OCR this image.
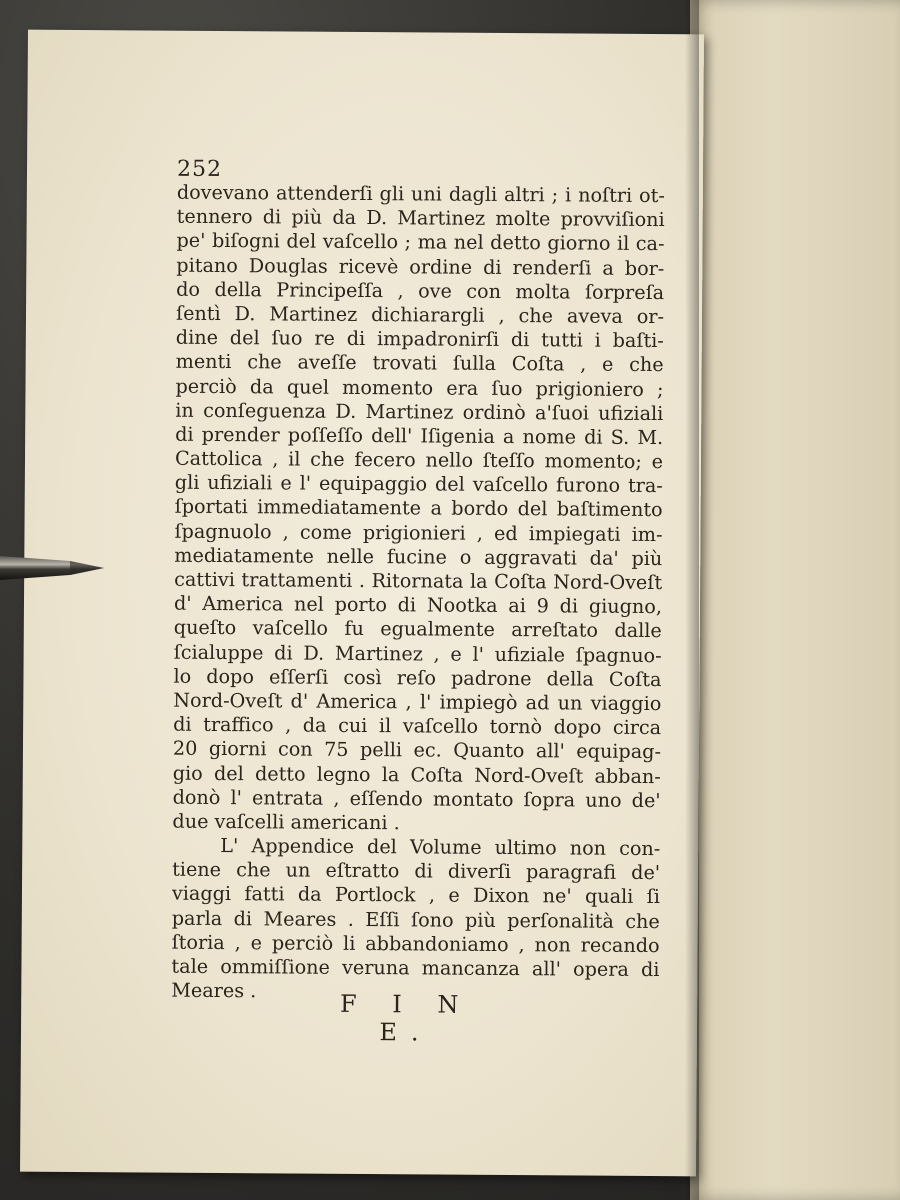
252
dovevano attenderſi gli uni dagli altri ; i noſtri ot-
tennero di più da D. Martinez molte provviſioni
pe' biſogni del vaſcello ; ma nel detto giorno il ca-
pitano Douglas ricevè ordine di renderſi a bor-
do della Principeſſa , ove con molta ſorpreſa
ſentì D. Martinez dichiarargli , che aveva or-
dine del ſuo re di impadronirſi di tutti i baſti-
menti che aveſſe trovati ſulla Coſta , e che
perciò da quel momento era ſuo prigioniero ;
in conſeguenza D. Martinez ordinò a'ſuoi ufiziali
di prender poſſeſſo dell' Iſigenia a nome di S. M.
Cattolica , il che fecero nello ſteſſo momento; e
gli ufiziali e l' equipaggio del vaſcello furono tra-
ſportati immediatamente a bordo del baſtimento
ſpagnuolo , come prigionieri , ed impiegati im-
mediatamente nelle fucine o aggravati da' più
cattivi trattamenti . Ritornata la Coſta Nord-Oveſt
d' America nel porto di Nootka ai 9 di giugno,
queſto vaſcello fu egualmente arreſtato dalle
ſcialuppe di D. Martinez , e l' ufiziale ſpagnuo-
lo dopo eſſerſi così reſo padrone della Coſta
Nord-Oveſt d' America , l' impiegò ad un viaggio
di traffico , da cui il vaſcello tornò dopo circa
20 giorni con 75 pelli ec. Quanto all' equipag-
gio del detto legno la Coſta Nord-Oveſt abban-
donò l' entrata , eſſendo montato ſopra uno de'
due vaſcelli americani .
L' Appendice del Volume ultimo non con-
tiene che un eſtratto di diverſi paragrafi de'
viaggi fatti da Portlock , e Dixon ne' quali ſi
parla di Meares . Eſſi ſono più perſonalità che
ſtoria , e perciò li abbandoniamo , non recando
tale ommiſſione veruna mancanza all' opera di
Meares .	F I N E.
